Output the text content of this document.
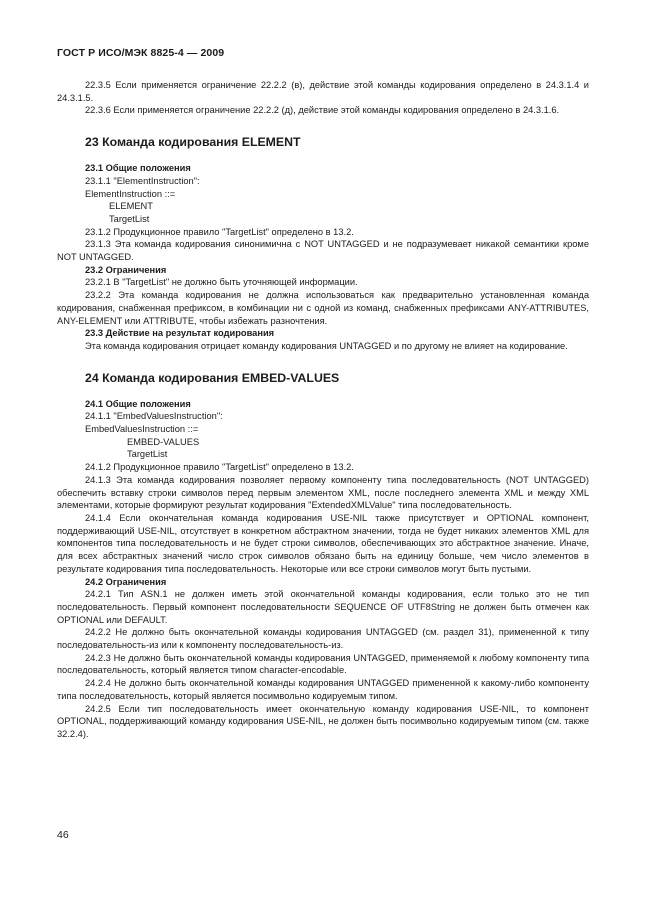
ГОСТ Р ИСО/МЭК 8825-4 — 2009

22.3.5 Если применяется ограничение 22.2.2 (в), действие этой команды кодирования определено в 24.3.1.4 и 24.3.1.5.

22.3.6 Если применяется ограничение 22.2.2 (д), действие этой команды кодирования определено в 24.3.1.6.

23 Команда кодирования ELEMENT
23.1 Общие положения

23.1.1 "ElementInstruction":

ElementInstruction ::=

ELEMENT

TargetList

23.1.2 Продукционное правило "TargetList" определено в 13.2.

23.1.3 Эта команда кодирования синонимична с NOT UNTAGGED и не подразумевает никакой семантики кроме NOT UNTAGGED.

23.2 Ограничения

23.2.1 В "TargetList" не должно быть уточняющей информации.

23.2.2 Эта команда кодирования не должна использоваться как предварительно установленная команда кодирования, снабженная префиксом, в комбинации ни с одной из команд, снабженных префиксами ANY-ATTRIBUTES, ANY-ELEMENT или ATTRIBUTE, чтобы избежать разночтения.

23.3 Действие на результат кодирования

Эта команда кодирования отрицает команду кодирования UNTAGGED и по другому не влияет на кодирование.

24 Команда кодирования EMBED-VALUES
24.1 Общие положения

24.1.1 "EmbedValuesInstruction":

EmbedValuesInstruction ::=

EMBED-VALUES

TargetList

24.1.2 Продукционное правило "TargetList" определено в 13.2.

24.1.3 Эта команда кодирования позволяет первому компоненту типа последовательность (NOT UNTAGGED) обеспечить вставку строки символов перед первым элементом XML, после последнего элемента XML и между XML элементами, которые формируют результат кодирования "ExtendedXMLValue" типа последовательность.

24.1.4 Если окончательная команда кодирования USE-NIL также присутствует и OPTIONAL компонент, поддерживающий USE-NIL, отсутствует в конкретном абстрактном значении, тогда не будет никаких элементов XML для компонентов типа последовательность и не будет строки символов, обеспечивающих это абстрактное значение. Иначе, для всех абстрактных значений число строк символов обязано быть на единицу больше, чем число элементов в результате кодирования типа последовательность. Некоторые или все строки символов могут быть пустыми.

24.2 Ограничения

24.2.1 Тип ASN.1 не должен иметь этой окончательной команды кодирования, если только это не тип последовательность. Первый компонент последовательности SEQUENCE OF UTF8String не должен быть отмечен как OPTIONAL или DEFAULT.

24.2.2 Не должно быть окончательной команды кодирования UNTAGGED (см. раздел 31), примененной к типу последовательность-из или к компоненту последовательность-из.

24.2.3 Не должно быть окончательной команды кодирования UNTAGGED, применяемой к любому компоненту типа последовательность, который является типом character-encodable.

24.2.4 Не должно быть окончательной команды кодирования UNTAGGED примененной к какому-либо компоненту типа последовательность, который является посимвольно кодируемым типом.

24.2.5 Если тип последовательность имеет окончательную команду кодирования USE-NIL, то компонент OPTIONAL, поддерживающий команду кодирования USE-NIL, не должен быть посимвольно кодируемым типом (см. также 32.2.4).

46
